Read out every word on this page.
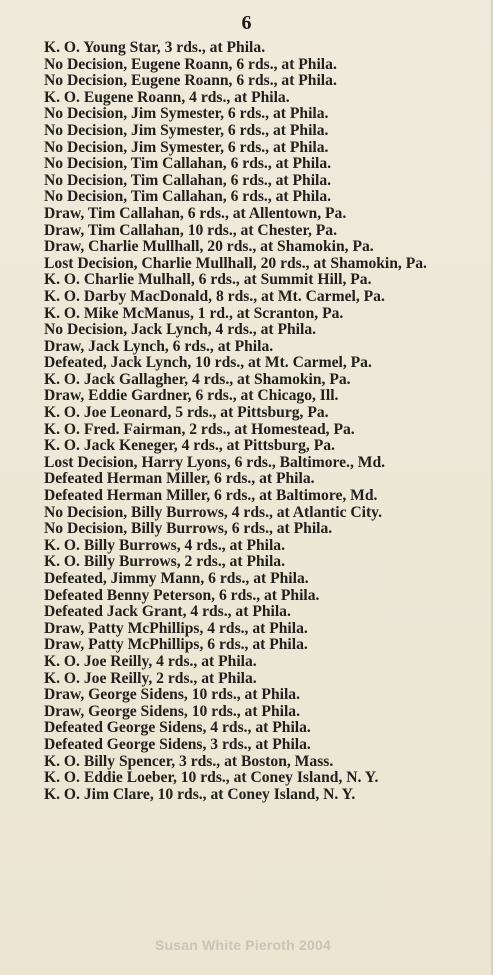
6

K. O. Young Star, 3 rds., at Phila.

No Decision, Eugene Roann, 6 rds., at Phila.

No Decision, Eugene Roann, 6 rds., at Phila.

K. O. Eugene Roann, 4 rds., at Phila.

No Decision, Jim Symester, 6 rds., at Phila.

No Decision, Jim Symester, 6 rds., at Phila.

No Decision, Jim Symester, 6 rds., at Phila.

No Decision, Tim Callahan, 6 rds., at Phila.

No Decision, Tim Callahan, 6 rds., at Phila.

No Decision, Tim Callahan, 6 rds., at Phila.

Draw, Tim Callahan, 6 rds., at Allentown, Pa.

Draw, Tim Callahan, 10 rds., at Chester, Pa.

Draw, Charlie Mullhall, 20 rds., at Shamokin, Pa.

Lost Decision, Charlie Mullhall, 20 rds., at Shamokin, Pa.

K. O. Charlie Mulhall, 6 rds., at Summit Hill, Pa.

K. O. Darby MacDonald, 8 rds., at Mt. Carmel, Pa.

K. O. Mike McManus, 1 rd., at Scranton, Pa.

No Decision, Jack Lynch, 4 rds., at Phila.

Draw, Jack Lynch, 6 rds., at Phila.

Defeated, Jack Lynch, 10 rds., at Mt. Carmel, Pa.

K. O. Jack Gallagher, 4 rds., at Shamokin, Pa.

Draw, Eddie Gardner, 6 rds., at Chicago, Ill.

K. O. Joe Leonard, 5 rds., at Pittsburg, Pa.

K. O. Fred. Fairman, 2 rds., at Homestead, Pa.

K. O. Jack Keneger, 4 rds., at Pittsburg, Pa.

Lost Decision, Harry Lyons, 6 rds., Baltimore., Md.

Defeated Herman Miller, 6 rds., at Phila.

Defeated Herman Miller, 6 rds., at Baltimore, Md.

No Decision, Billy Burrows, 4 rds., at Atlantic City.

No Decision, Billy Burrows, 6 rds., at Phila.

K. O. Billy Burrows, 4 rds., at Phila.

K. O. Billy Burrows, 2 rds., at Phila.

Defeated, Jimmy Mann, 6 rds., at Phila.

Defeated Benny Peterson, 6 rds., at Phila.

Defeated Jack Grant, 4 rds., at Phila.

Draw, Patty McPhillips, 4 rds., at Phila.

Draw, Patty McPhillips, 6 rds., at Phila.

K. O. Joe Reilly, 4 rds., at Phila.

K. O. Joe Reilly, 2 rds., at Phila.

Draw, George Sidens, 10 rds., at Phila.

Draw, George Sidens, 10 rds., at Phila.

Defeated George Sidens, 4 rds., at Phila.

Defeated George Sidens, 3 rds., at Phila.

K. O. Billy Spencer, 3 rds., at Boston, Mass.

K. O. Eddie Loeber, 10 rds., at Coney Island, N. Y.

K. O. Jim Clare, 10 rds., at Coney Island, N. Y.

Susan White Pieroth 2004
